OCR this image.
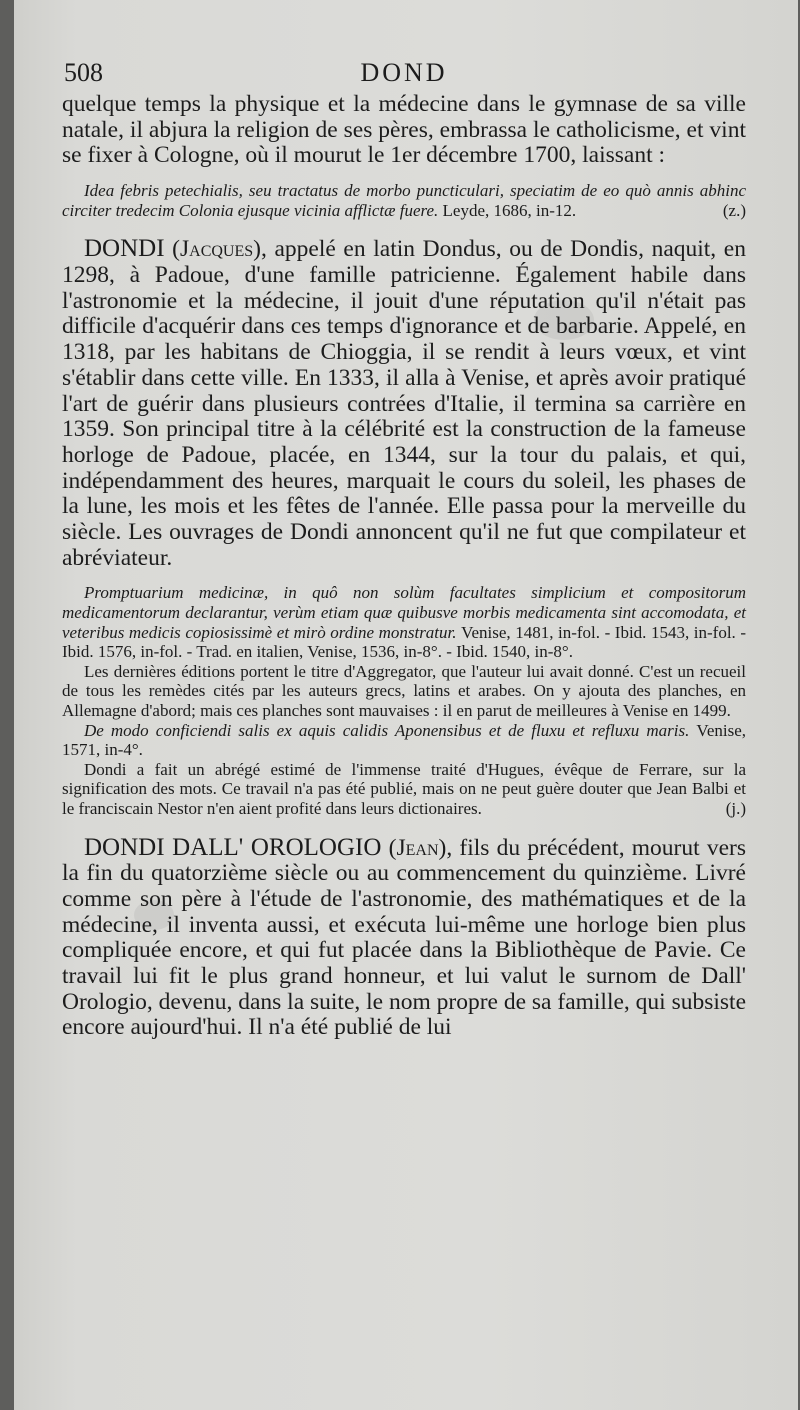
508	DOND

quelque temps la physique et la médecine dans le gymnase de sa ville natale, il abjura la religion de ses pères, embrassa le catholicisme, et vint se fixer à Cologne, où il mourut le 1er décembre 1700, laissant :

Idea febris petechialis, seu tractatus de morbo puncticulari, speciatim de eo quò annis abhinc circiter tredecim Colonia ejusque vicinia afflictæ fuere. Leyde, 1686, in-12.	(z.)

DONDI (Jacques), appelé en latin Dondus, ou de Dondis, naquit, en 1298, à Padoue, d'une famille patricienne. Également habile dans l'astronomie et la médecine, il jouit d'une réputation qu'il n'était pas difficile d'acquérir dans ces temps d'ignorance et de barbarie. Appelé, en 1318, par les habitans de Chioggia, il se rendit à leurs vœux, et vint s'établir dans cette ville. En 1333, il alla à Venise, et après avoir pratiqué l'art de guérir dans plusieurs contrées d'Italie, il termina sa carrière en 1359. Son principal titre à la célébrité est la construction de la fameuse horloge de Padoue, placée, en 1344, sur la tour du palais, et qui, indépendamment des heures, marquait le cours du soleil, les phases de la lune, les mois et les fêtes de l'année. Elle passa pour la merveille du siècle. Les ouvrages de Dondi annoncent qu'il ne fut que compilateur et abréviateur.

Promptuarium medicinæ, in quô non solùm facultates simplicium et compositorum medicamentorum declarantur, verùm etiam quæ quibusve morbis medicamenta sint accomodata, et veteribus medicis copiosissimè et mirò ordine monstratur. Venise, 1481, in-fol. - Ibid. 1543, in-fol. - Ibid. 1576, in-fol. - Trad. en italien, Venise, 1536, in-8°. - Ibid. 1540, in-8°.

Les dernières éditions portent le titre d'Aggregator, que l'auteur lui avait donné. C'est un recueil de tous les remèdes cités par les auteurs grecs, latins et arabes. On y ajouta des planches, en Allemagne d'abord; mais ces planches sont mauvaises : il en parut de meilleures à Venise en 1499.

De modo conficiendi salis ex aquis calidis Aponensibus et de fluxu et refluxu maris. Venise, 1571, in-4°.

Dondi a fait un abrégé estimé de l'immense traité d'Hugues, évêque de Ferrare, sur la signification des mots. Ce travail n'a pas été publié, mais on ne peut guère douter que Jean Balbi et le franciscain Nestor n'en aient profité dans leurs dictionaires.	(j.)

DONDI DALL' OROLOGIO (Jean), fils du précédent, mourut vers la fin du quatorzième siècle ou au commencement du quinzième. Livré comme son père à l'étude de l'astronomie, des mathématiques et de la médecine, il inventa aussi, et exécuta lui-même une horloge bien plus compliquée encore, et qui fut placée dans la Bibliothèque de Pavie. Ce travail lui fit le plus grand honneur, et lui valut le surnom de Dall' Orologio, devenu, dans la suite, le nom propre de sa famille, qui subsiste encore aujourd'hui. Il n'a été publié de lui
